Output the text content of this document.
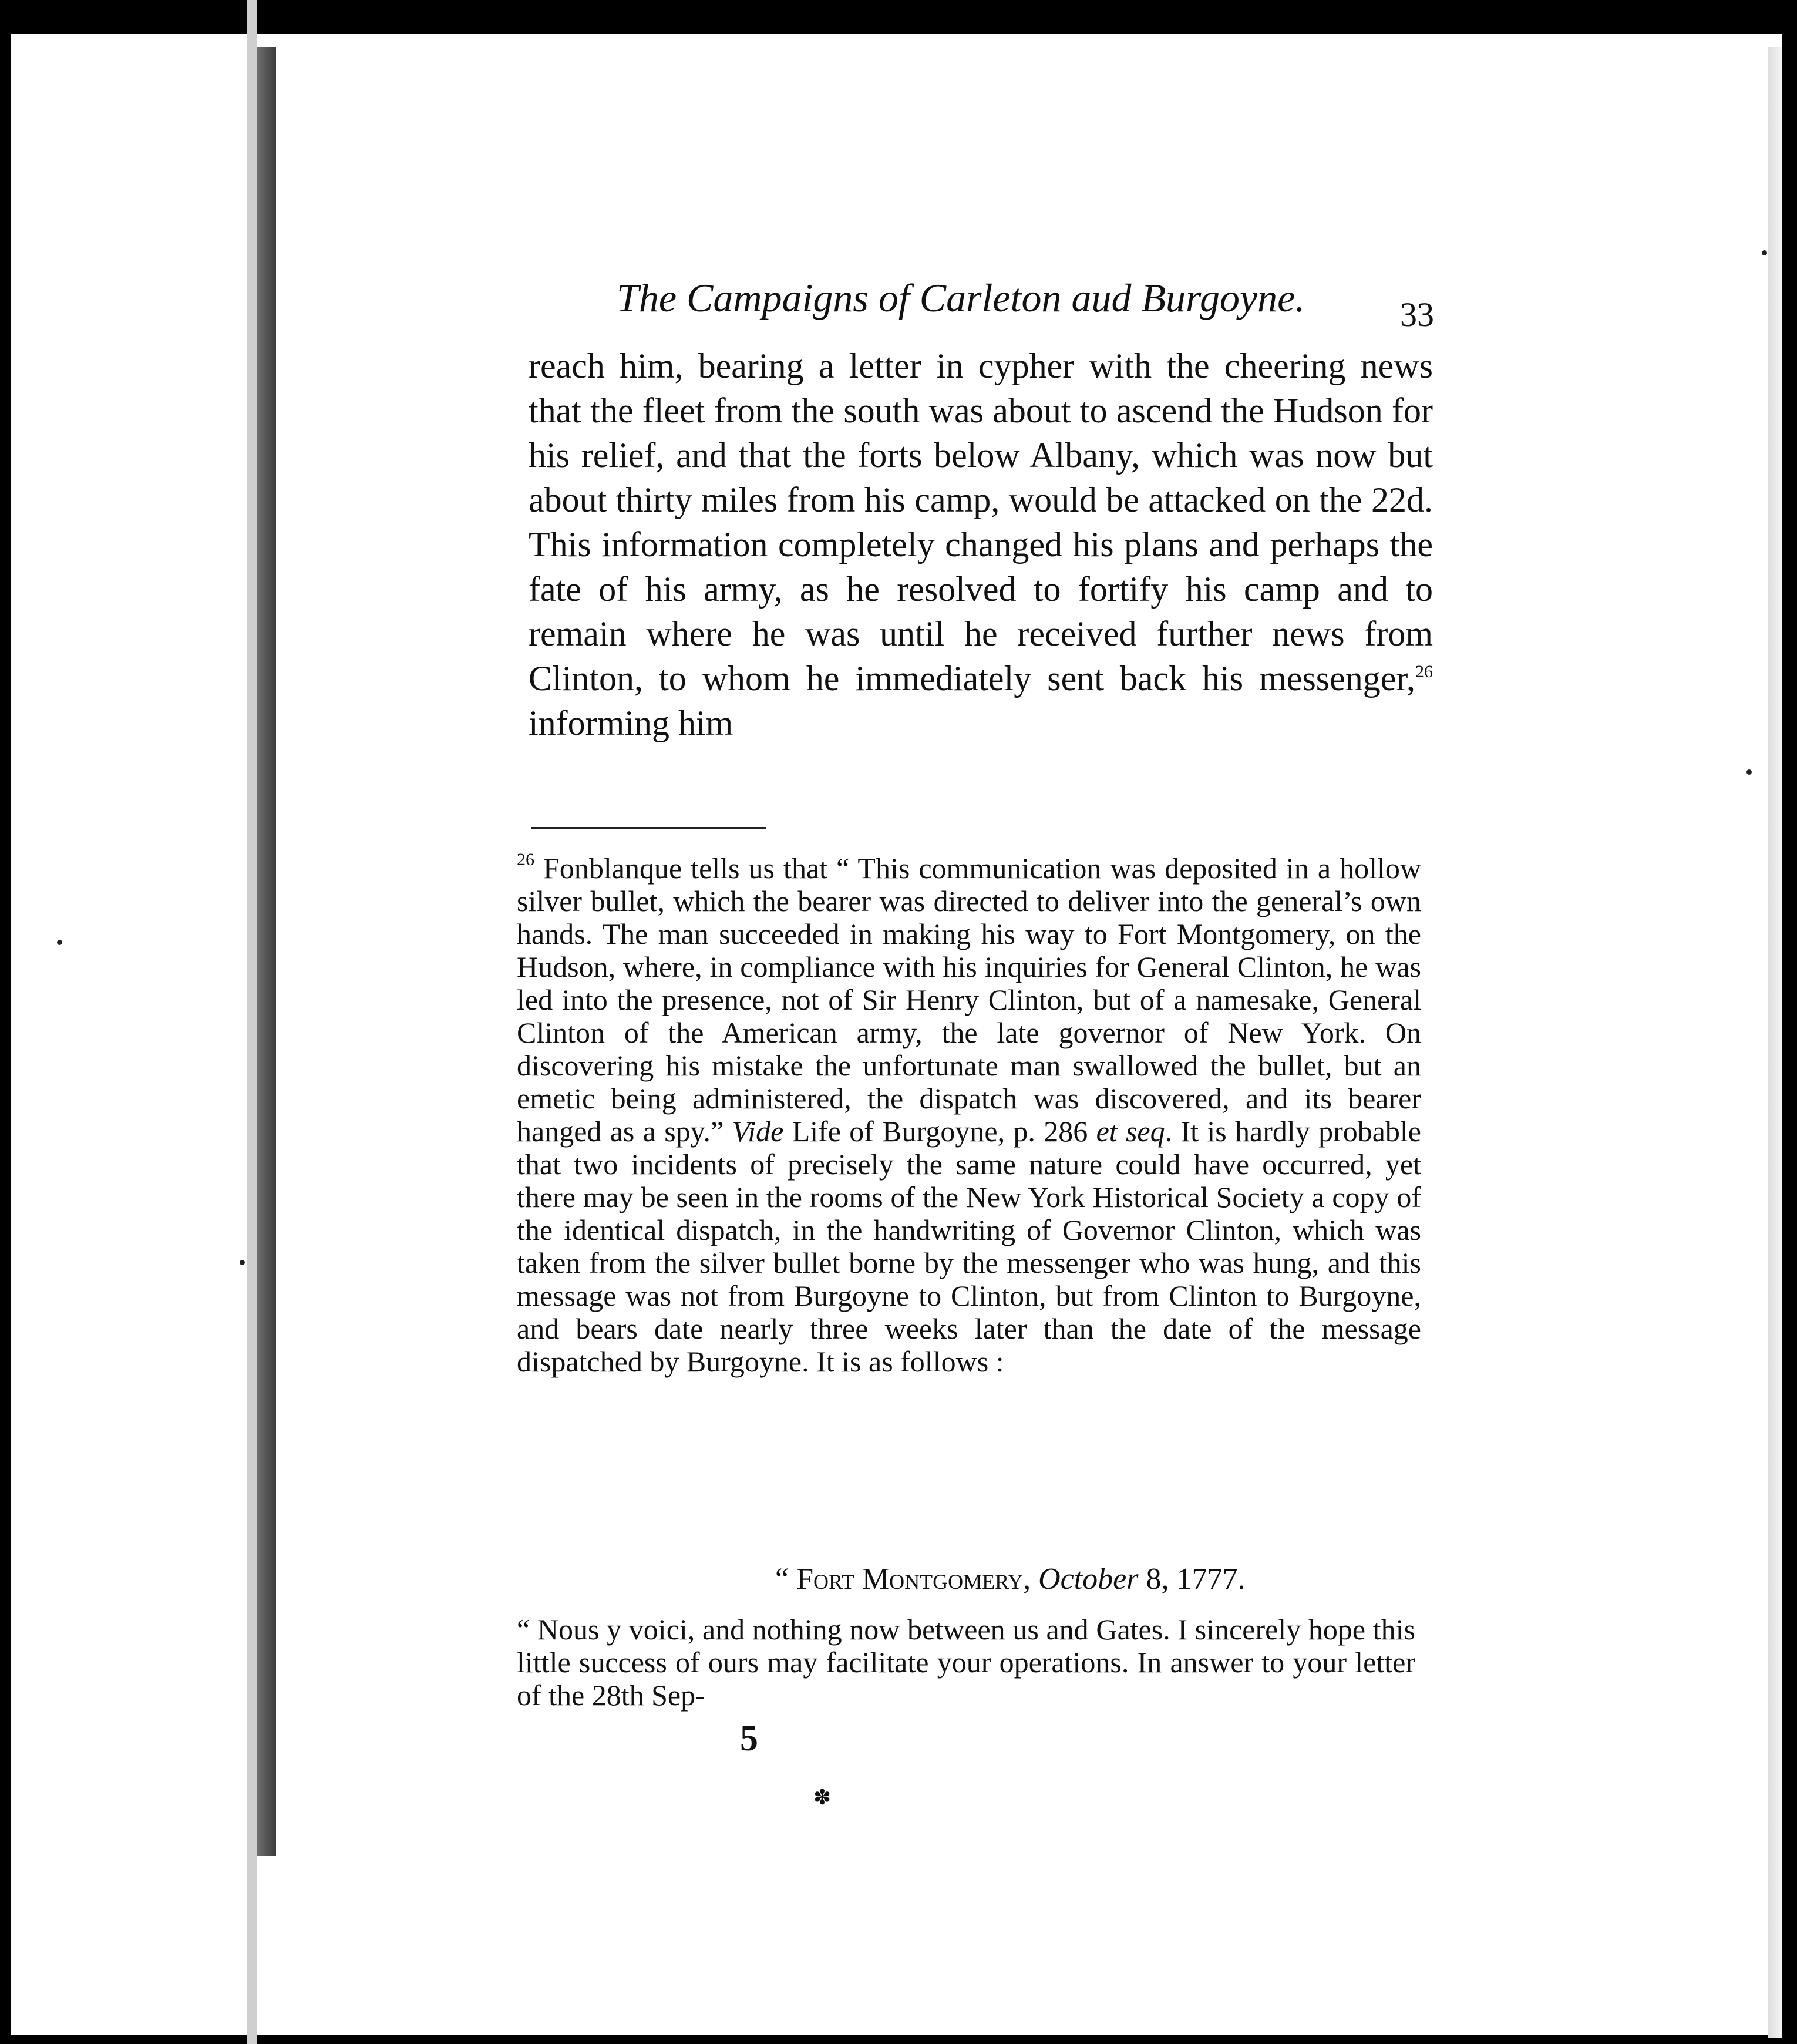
The Campaigns of Carleton aud Burgoyne.	33

reach him, bearing a letter in cypher with the cheering news that the fleet from the south was about to ascend the Hudson for his relief, and that the forts below Albany, which was now but about thirty miles from his camp, would be attacked on the 22d. This information completely changed his plans and perhaps the fate of his army, as he resolved to fortify his camp and to remain where he was until he received further news from Clinton, to whom he immediately sent back his messenger,$^{26}$ informing him

$^{26}$ Fonblanque tells us that “ This communication was deposited in a hollow silver bullet, which the bearer was directed to deliver into the general’s own hands. The man succeeded in making his way to Fort Montgomery, on the Hudson, where, in compliance with his inquiries for General Clinton, he was led into the presence, not of Sir Henry Clinton, but of a namesake, General Clinton of the American army, the late governor of New York. On discovering his mistake the unfortunate man swallowed the bullet, but an emetic being administered, the dispatch was discovered, and its bearer hanged as a spy.” Vide Life of Burgoyne, p. 286 et seq. It is hardly probable that two incidents of precisely the same nature could have occurred, yet there may be seen in the rooms of the New York Historical Society a copy of the identical dispatch, in the handwriting of Governor Clinton, which was taken from the silver bullet borne by the messenger who was hung, and this message was not from Burgoyne to Clinton, but from Clinton to Burgoyne, and bears date nearly three weeks later than the date of the message dispatched by Burgoyne. It is as follows :

“ Fort Montgomery, October 8, 1777.

“ Nous y voici, and nothing now between us and Gates. I sincerely hope this little success of ours may facilitate your operations. In answer to your letter of the 28th Sep-

5
✽
